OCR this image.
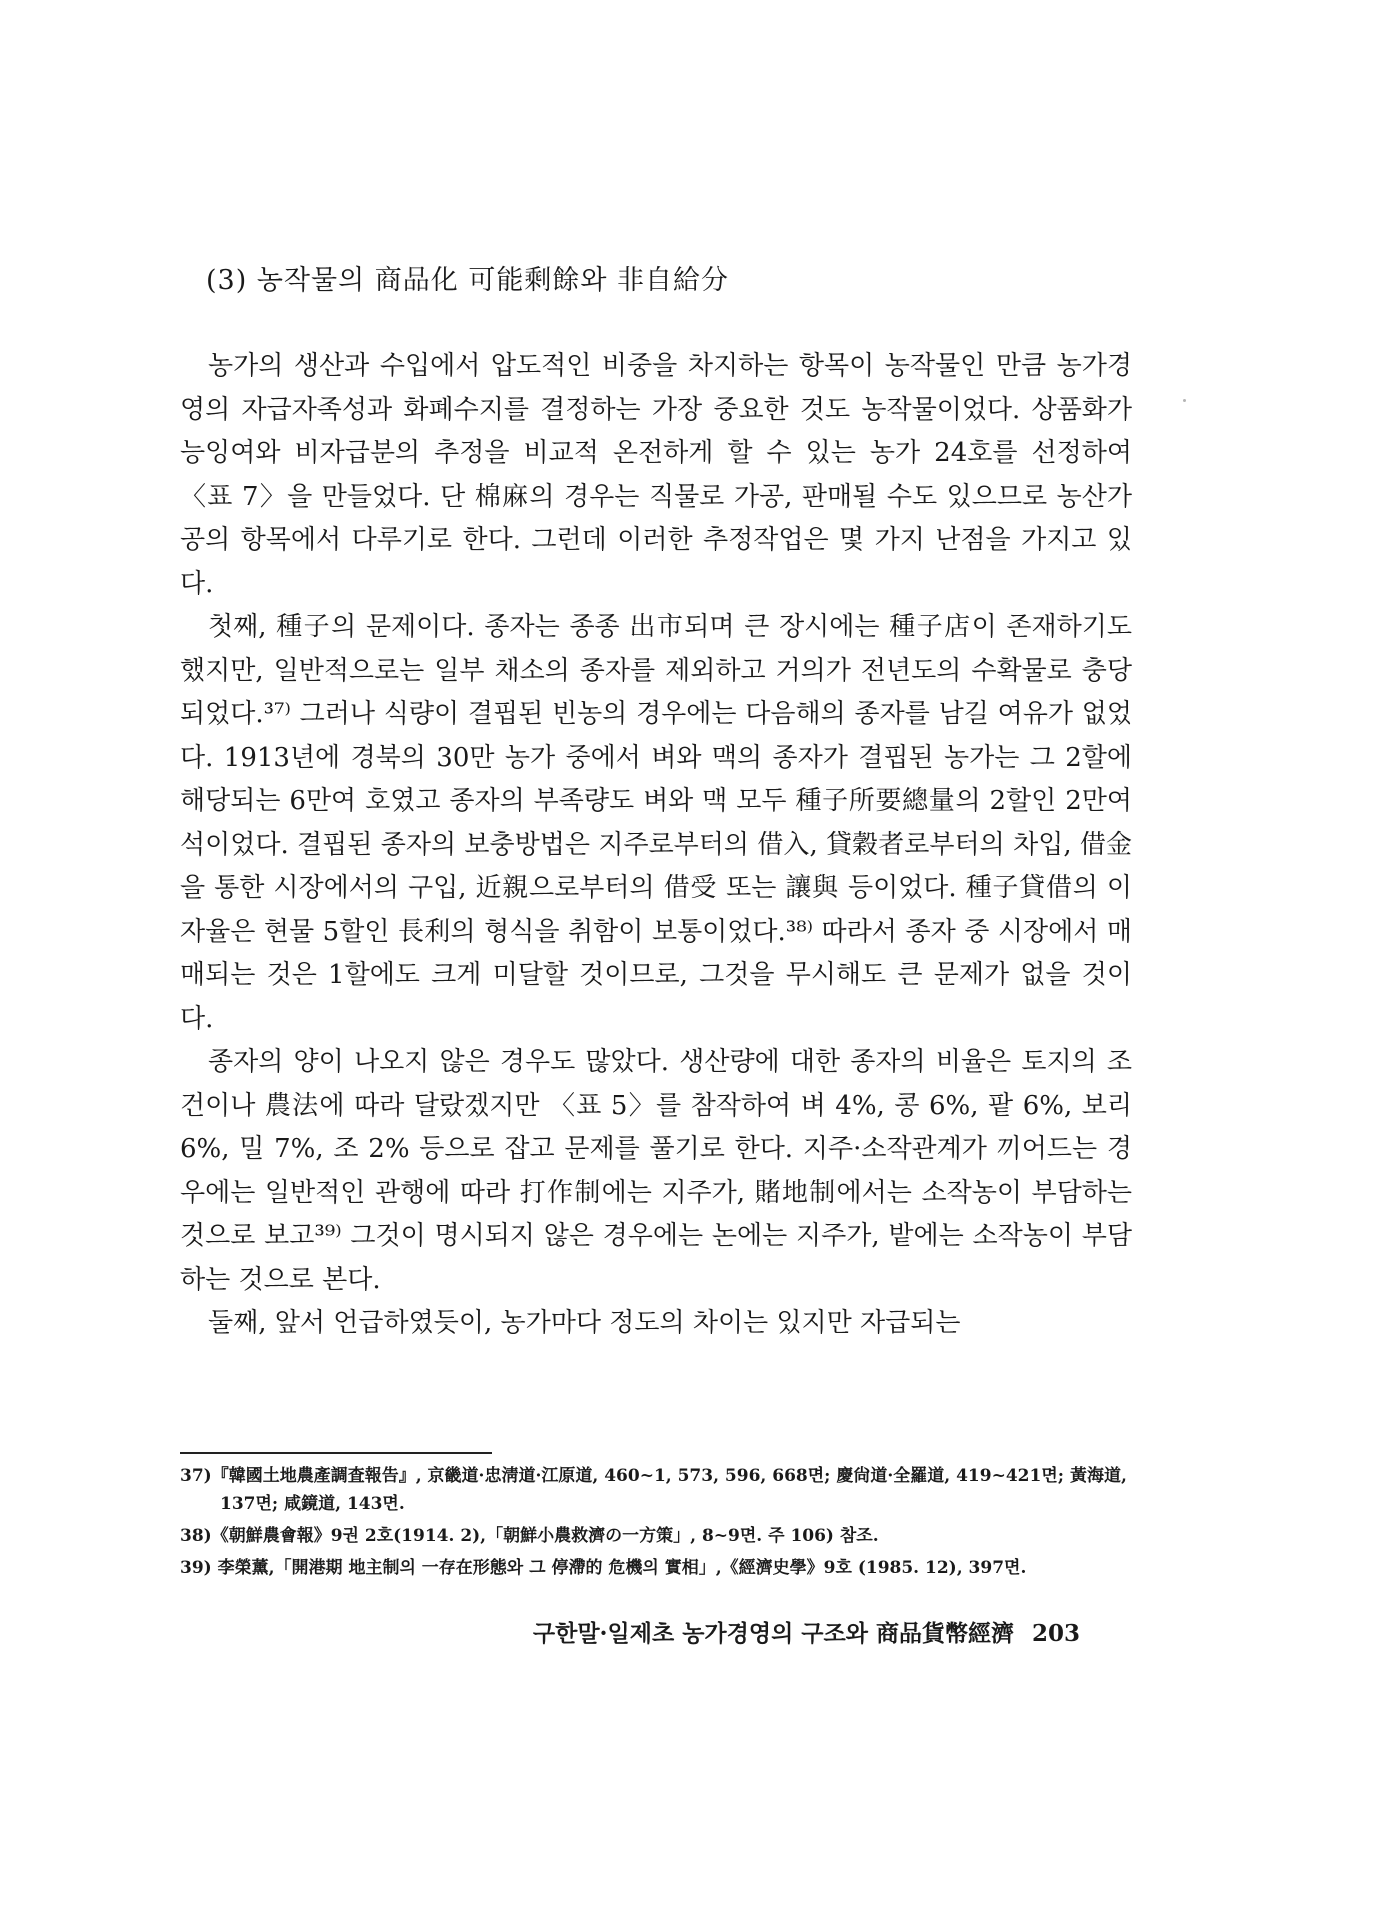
(3) 농작물의 商品化 可能剩餘와 非自給分

농가의 생산과 수입에서 압도적인 비중을 차지하는 항목이 농작물인 만큼 농가경영의 자급자족성과 화폐수지를 결정하는 가장 중요한 것도 농작물이었다. 상품화가능잉여와 비자급분의 추정을 비교적 온전하게 할 수 있는 농가 24호를 선정하여 〈표 7〉을 만들었다. 단 棉麻의 경우는 직물로 가공, 판매될 수도 있으므로 농산가공의 항목에서 다루기로 한다. 그런데 이러한 추정작업은 몇 가지 난점을 가지고 있다.

첫째, 種子의 문제이다. 종자는 종종 出市되며 큰 장시에는 種子店이 존재하기도 했지만, 일반적으로는 일부 채소의 종자를 제외하고 거의가 전년도의 수확물로 충당되었다.³⁷⁾ 그러나 식량이 결핍된 빈농의 경우에는 다음해의 종자를 남길 여유가 없었다. 1913년에 경북의 30만 농가 중에서 벼와 맥의 종자가 결핍된 농가는 그 2할에 해당되는 6만여 호였고 종자의 부족량도 벼와 맥 모두 種子所要總量의 2할인 2만여 석이었다. 결핍된 종자의 보충방법은 지주로부터의 借入, 貸穀者로부터의 차입, 借金을 통한 시장에서의 구입, 近親으로부터의 借受 또는 讓與 등이었다. 種子貸借의 이자율은 현물 5할인 長利의 형식을 취함이 보통이었다.³⁸⁾ 따라서 종자 중 시장에서 매매되는 것은 1할에도 크게 미달할 것이므로, 그것을 무시해도 큰 문제가 없을 것이다.

종자의 양이 나오지 않은 경우도 많았다. 생산량에 대한 종자의 비율은 토지의 조건이나 農法에 따라 달랐겠지만 〈표 5〉를 참작하여 벼 4%, 콩 6%, 팥 6%, 보리 6%, 밀 7%, 조 2% 등으로 잡고 문제를 풀기로 한다. 지주·소작관계가 끼어드는 경우에는 일반적인 관행에 따라 打作制에는 지주가, 賭地制에서는 소작농이 부담하는 것으로 보고³⁹⁾ 그것이 명시되지 않은 경우에는 논에는 지주가, 밭에는 소작농이 부담하는 것으로 본다.

둘째, 앞서 언급하였듯이, 농가마다 정도의 차이는 있지만 자급되는

37)『韓國土地農產調査報告』, 京畿道·忠淸道·江原道, 460~1, 573, 596, 668면; 慶尙道·全羅道, 419~421면; 黃海道, 137면; 咸鏡道, 143면.

38)《朝鮮農會報》9권 2호(1914. 2),「朝鮮小農救濟の一方策」, 8~9면. 주 106) 참조.

39) 李榮薰,「開港期 地主制의 一存在形態와 그 停滯的 危機의 實相」,《經濟史學》9호 (1985. 12), 397면.

구한말·일제초 농가경영의 구조와 商品貨幣經濟 203
